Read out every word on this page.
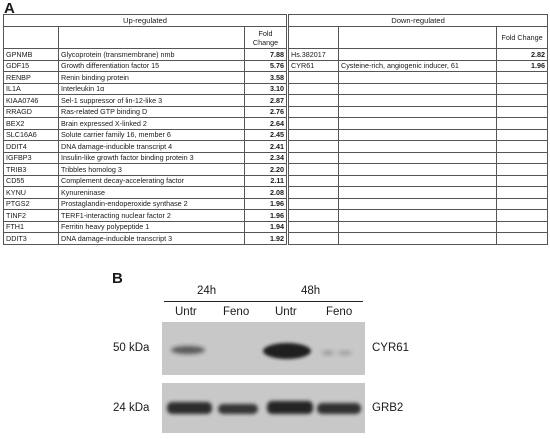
A
Up-regulated				Down-regulated		
		Fold Change				Fold Change
GPNMB	Glycoprotein (transmembrane) nmb	7.88		Hs.382017		2.82
GDF15	Growth differentiation factor 15	5.76		CYR61	Cysteine-rich, angiogenic inducer, 61	1.96
RENBP	Renin binding protein	3.58				
IL1A	Interleukin 1α	3.10				
KIAA0746	Sel-1 suppressor of lin-12-like 3	2.87				
RRAGD	Ras-related GTP binding D	2.76				
BEX2	Brain expressed X-linked 2	2.64				
SLC16A6	Solute carrier family 16, member 6	2.45				
DDIT4	DNA damage-inducible transcript 4	2.41				
IGFBP3	Insulin-like growth factor binding protein 3	2.34				
TRIB3	Tribbles homolog 3	2.20				
CD55	Complement decay-accelerating factor	2.11				
KYNU	Kynureninase	2.08				
PTGS2	Prostaglandin-endoperoxide synthase 2	1.96				
TINF2	TERF1-interacting nuclear factor 2	1.96				
FTH1	Ferritin heavy polypeptide 1	1.94				
DDIT3	DNA damage-inducible transcript 3	1.92				
B
24h	48h
Untr Feno Untr	Feno
50 kDa
24 kDa
CYR61
GRB2
